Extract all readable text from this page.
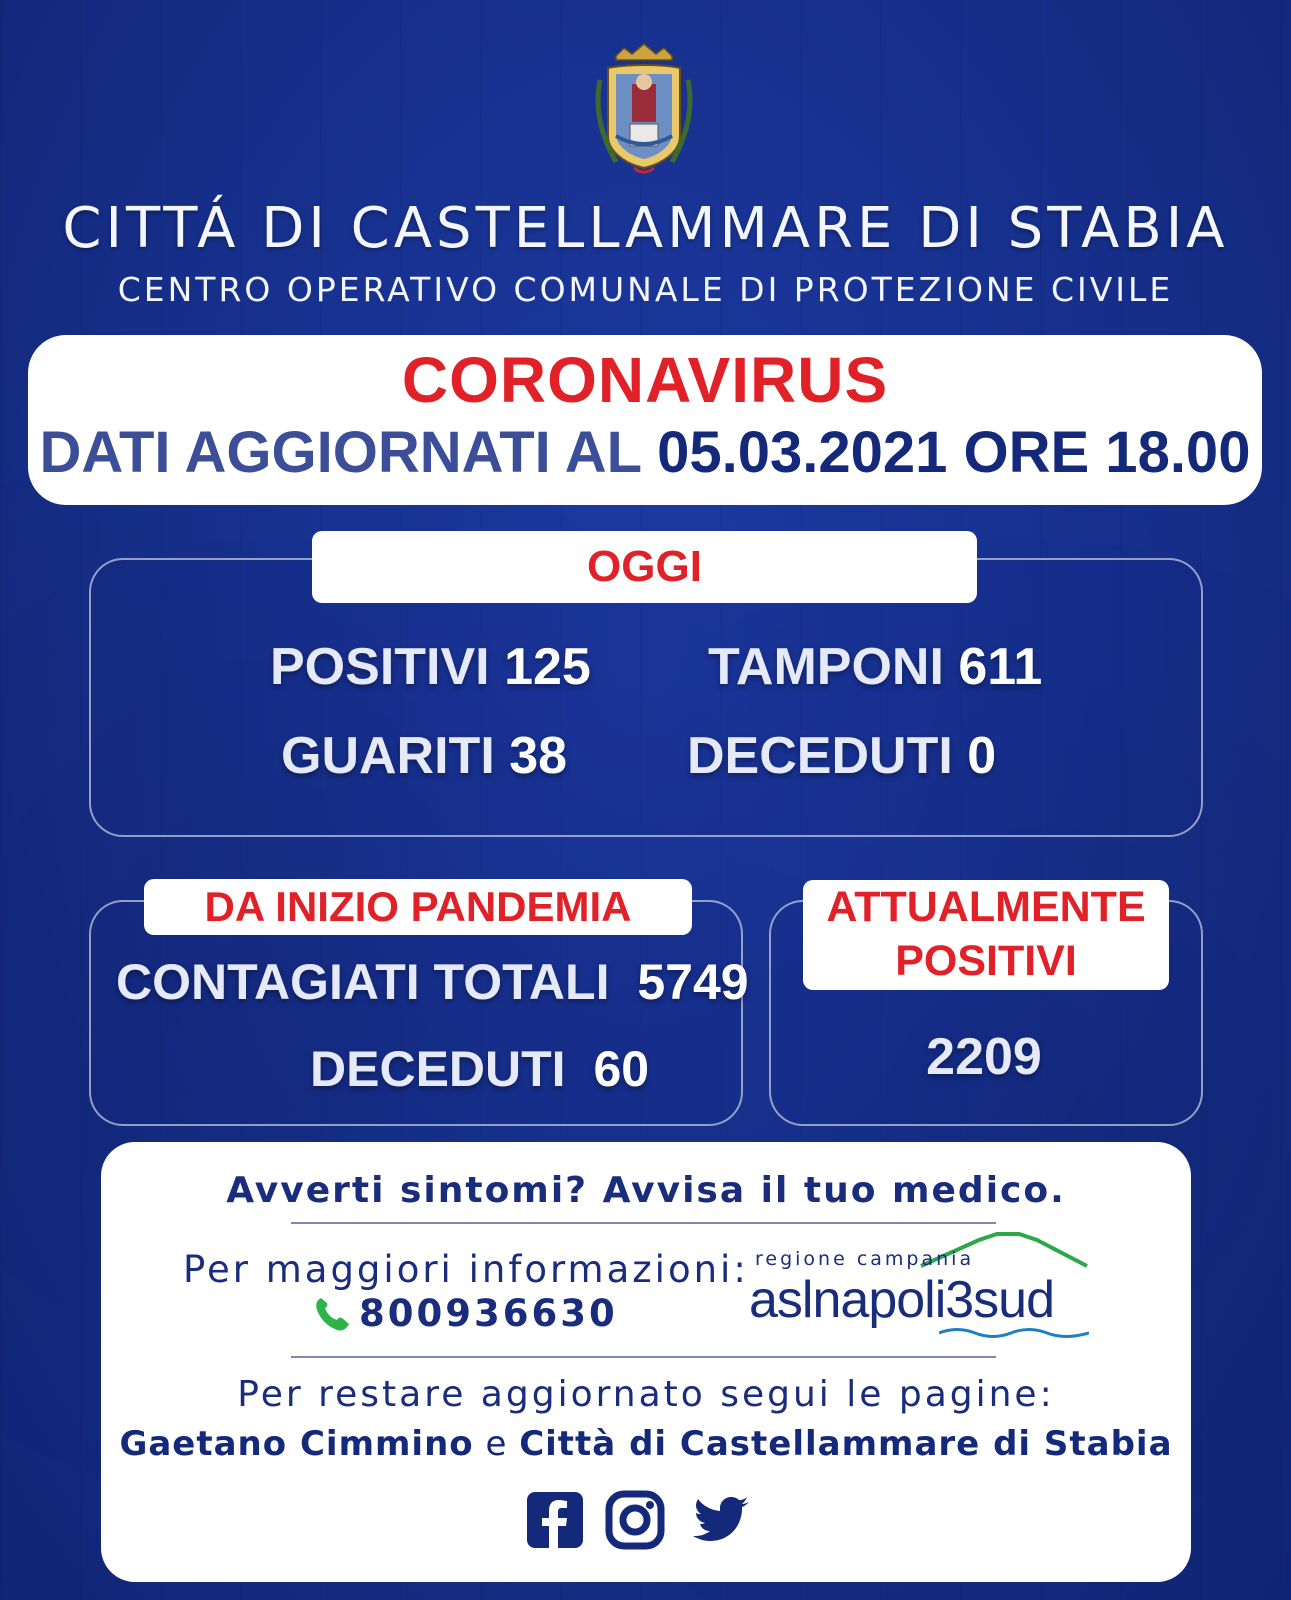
CITTÁ DI CASTELLAMMARE DI STABIA
CENTRO OPERATIVO COMUNALE DI PROTEZIONE CIVILE
CORONAVIRUS
DATI AGGIORNATI AL 05.03.2021 ORE 18.00
OGGI
POSITIVI 125 TAMPONI 611
GUARITI 38 DECEDUTI 0
DA INIZIO PANDEMIA
CONTAGIATI TOTALI 5749
DECEDUTI 60
ATTUALMENTE
POSITIVI
2209
Avverti sintomi? Avvisa il tuo medico.
Per maggiori informazioni:
800936630
regione campania
aslnapoli3sud
Per restare aggiornato segui le pagine:
Gaetano Cimmino e Città di Castellammare di Stabia
